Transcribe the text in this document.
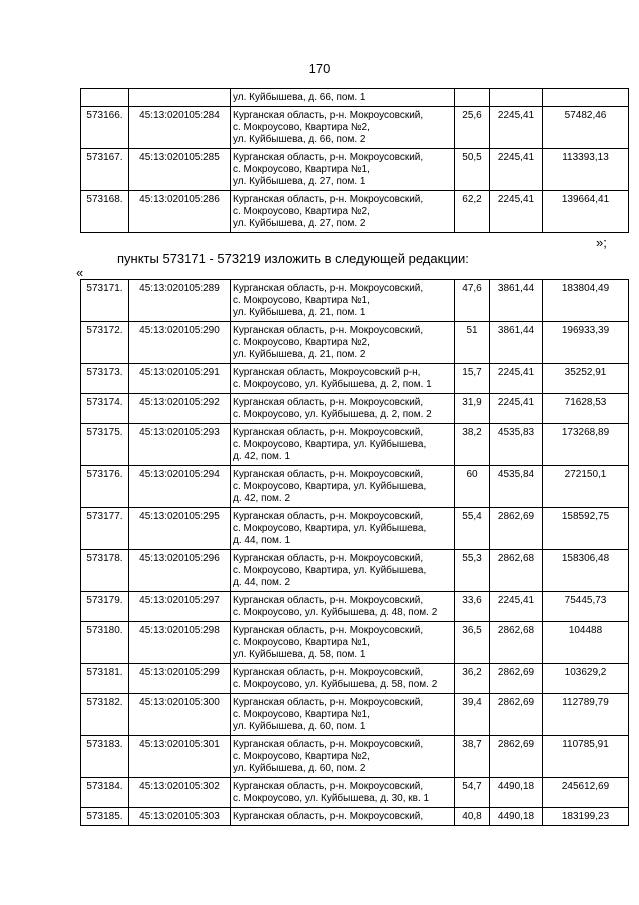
170

		ул. Куйбышева, д. 66, пом. 1			

573166.	45:13:020105:284	Курганская область, р-н. Мокроусовский,
с. Мокроусово, Квартира №2,
ул. Куйбышева, д. 66, пом. 2	25,6	2245,41	57482,46
573167.	45:13:020105:285	Курганская область, р-н. Мокроусовский,
с. Мокроусово, Квартира №1,
ул. Куйбышева, д. 27, пом. 1	50,5	2245,41	113393,13
573168.	45:13:020105:286	Курганская область, р-н. Мокроусовский,
с. Мокроусово, Квартира №2,
ул. Куйбышева, д. 27, пом. 2	62,2	2245,41	139664,41
»;
пункты 573171 - 573219 изложить в следующей редакции:
«
573171.	45:13:020105:289	Курганская область, р-н. Мокроусовский,
с. Мокроусово, Квартира №1,
ул. Куйбышева, д. 21, пом. 1	47,6	3861,44	183804,49
573172.	45:13:020105:290	Курганская область, р-н. Мокроусовский,
с. Мокроусово, Квартира №2,
ул. Куйбышева, д. 21, пом. 2	51	3861,44	196933,39
573173.	45:13:020105:291	Курганская область, Мокроусовский р-н,
с. Мокроусово, ул. Куйбышева, д. 2, пом. 1	15,7	2245,41	35252,91
573174.	45:13:020105:292	Курганская область, р-н. Мокроусовский,
с. Мокроусово, ул. Куйбышева, д. 2, пом. 2	31,9	2245,41	71628,53
573175.	45:13:020105:293	Курганская область, р-н. Мокроусовский,
с. Мокроусово, Квартира, ул. Куйбышева,
д. 42, пом. 1	38,2	4535,83	173268,89
573176.	45:13:020105:294	Курганская область, р-н. Мокроусовский,
с. Мокроусово, Квартира, ул. Куйбышева,
д. 42, пом. 2	60	4535,84	272150,1
573177.	45:13:020105:295	Курганская область, р-н. Мокроусовский,
с. Мокроусово, Квартира, ул. Куйбышева,
д. 44, пом. 1	55,4	2862,69	158592,75
573178.	45:13:020105:296	Курганская область, р-н. Мокроусовский,
с. Мокроусово, Квартира, ул. Куйбышева,
д. 44, пом. 2	55,3	2862,68	158306,48
573179.	45:13:020105:297	Курганская область, р-н. Мокроусовский,
с. Мокроусово, ул. Куйбышева, д. 48, пом. 2	33,6	2245,41	75445,73
573180.	45:13:020105:298	Курганская область, р-н. Мокроусовский,
с. Мокроусово, Квартира №1,
ул. Куйбышева, д. 58, пом. 1	36,5	2862,68	104488
573181.	45:13:020105:299	Курганская область, р-н. Мокроусовский,
с. Мокроусово, ул. Куйбышева, д. 58, пом. 2	36,2	2862,69	103629,2
573182.	45:13:020105:300	Курганская область, р-н. Мокроусовский,
с. Мокроусово, Квартира №1,
ул. Куйбышева, д. 60, пом. 1	39,4	2862,69	112789,79
573183.	45:13:020105:301	Курганская область, р-н. Мокроусовский,
с. Мокроусово, Квартира №2,
ул. Куйбышева, д. 60, пом. 2	38,7	2862,69	110785,91
573184.	45:13:020105:302	Курганская область, р-н. Мокроусовский,
с. Мокроусово, ул. Куйбышева, д. 30, кв. 1	54,7	4490,18	245612,69
573185.	45:13:020105:303	Курганская область, р-н. Мокроусовский,	40,8	4490,18	183199,23
